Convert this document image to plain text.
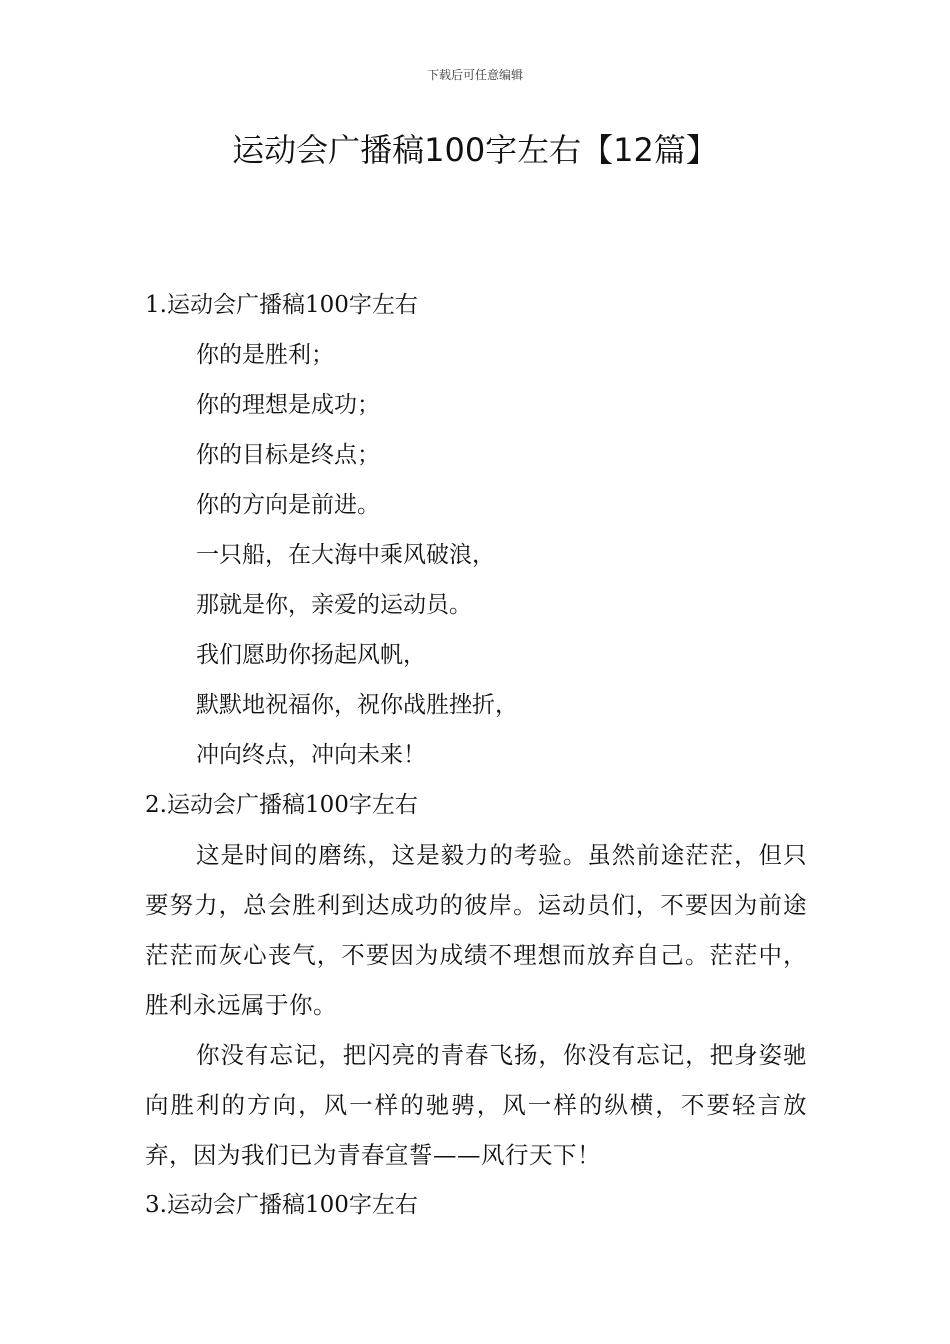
下载后可任意编辑
运动会广播稿100字左右【12篇】
1.运动会广播稿100字左右
你的是胜利；
你的理想是成功；
你的目标是终点；
你的方向是前进。
一只船，在大海中乘风破浪，
那就是你，亲爱的运动员。
我们愿助你扬起风帆，
默默地祝福你，祝你战胜挫折，
冲向终点，冲向未来！
2.运动会广播稿100字左右

这是时间的磨练，这是毅力的考验。虽然前途茫茫，但只要努力，总会胜利到达成功的彼岸。运动员们，不要因为前途茫茫而灰心丧气，不要因为成绩不理想而放弃自己。茫茫中，胜利永远属于你。

你没有忘记，把闪亮的青春飞扬，你没有忘记，把身姿驰向胜利的方向，风一样的驰骋，风一样的纵横，不要轻言放弃，因为我们已为青春宣誓——风行天下！

3.运动会广播稿100字左右
